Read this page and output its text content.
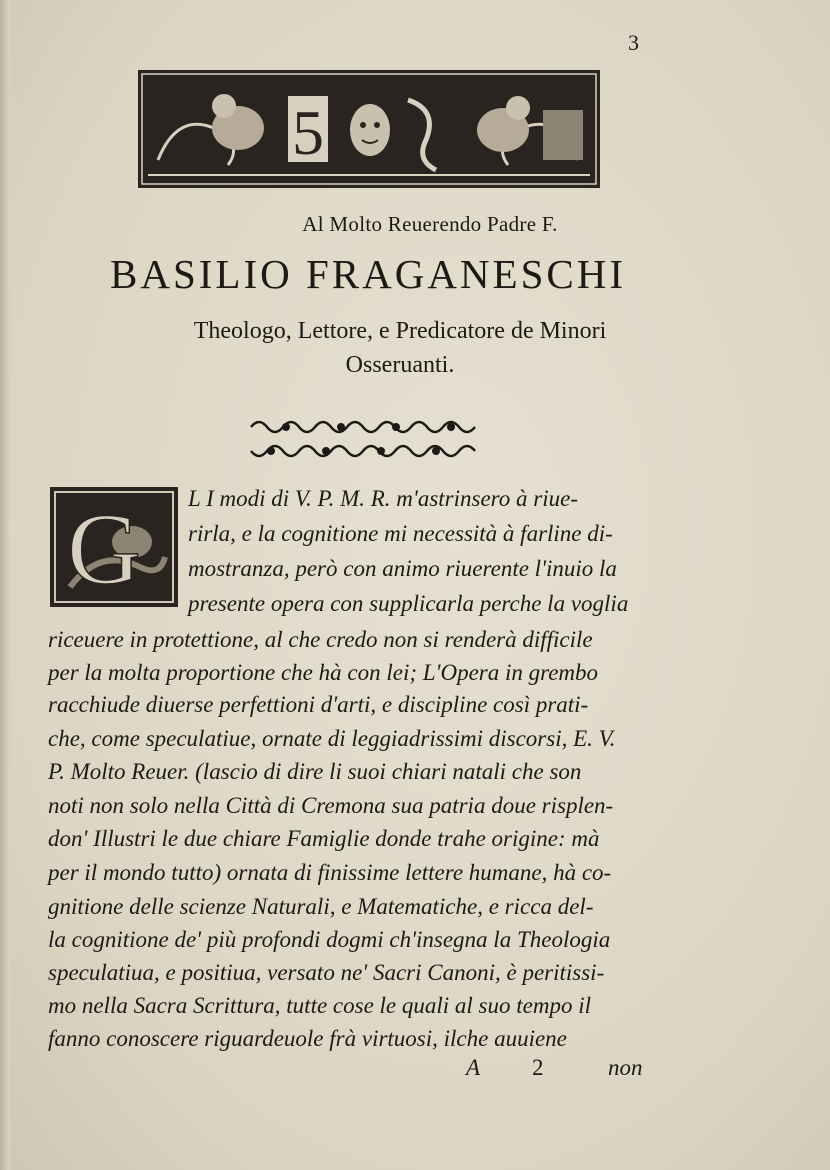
3
5
Al Molto Reuerendo Padre F.
BASILIO FRAGANESCHI
Theologo, Lettore, e Predicatore de Minori
Osseruanti.
G L I modi di V. P. M. R. m'astrinsero à riue-
rirla, e la cognitione mi necessità à farline di-
mostranza, però con animo riuerente l'inuio la
presente opera con supplicarla perche la voglia
riceuere in protettione, al che credo non si renderà difficile
per la molta proportione che hà con lei; L'Opera in grembo
racchiude diuerse perfettioni d'arti, e discipline così prati-
che, come speculatiue, ornate di leggiadrissimi discorsi, E. V.
P. Molto Reuer. (lascio di dire li suoi chiari natali che son
noti non solo nella Città di Cremona sua patria doue risplen-
don' Illustri le due chiare Famiglie donde trahe origine: mà
per il mondo tutto) ornata di finissime lettere humane, hà co-
gnitione delle scienze Naturali, e Matematiche, e ricca del-
la cognitione de' più profondi dogmi ch'insegna la Theologia
speculatiua, e positiua, versato ne' Sacri Canoni, è peritissi-
mo nella Sacra Scrittura, tutte cose le quali al suo tempo il
fanno conoscere riguardeuole frà virtuosi, ilche auuiene
A 2	non
